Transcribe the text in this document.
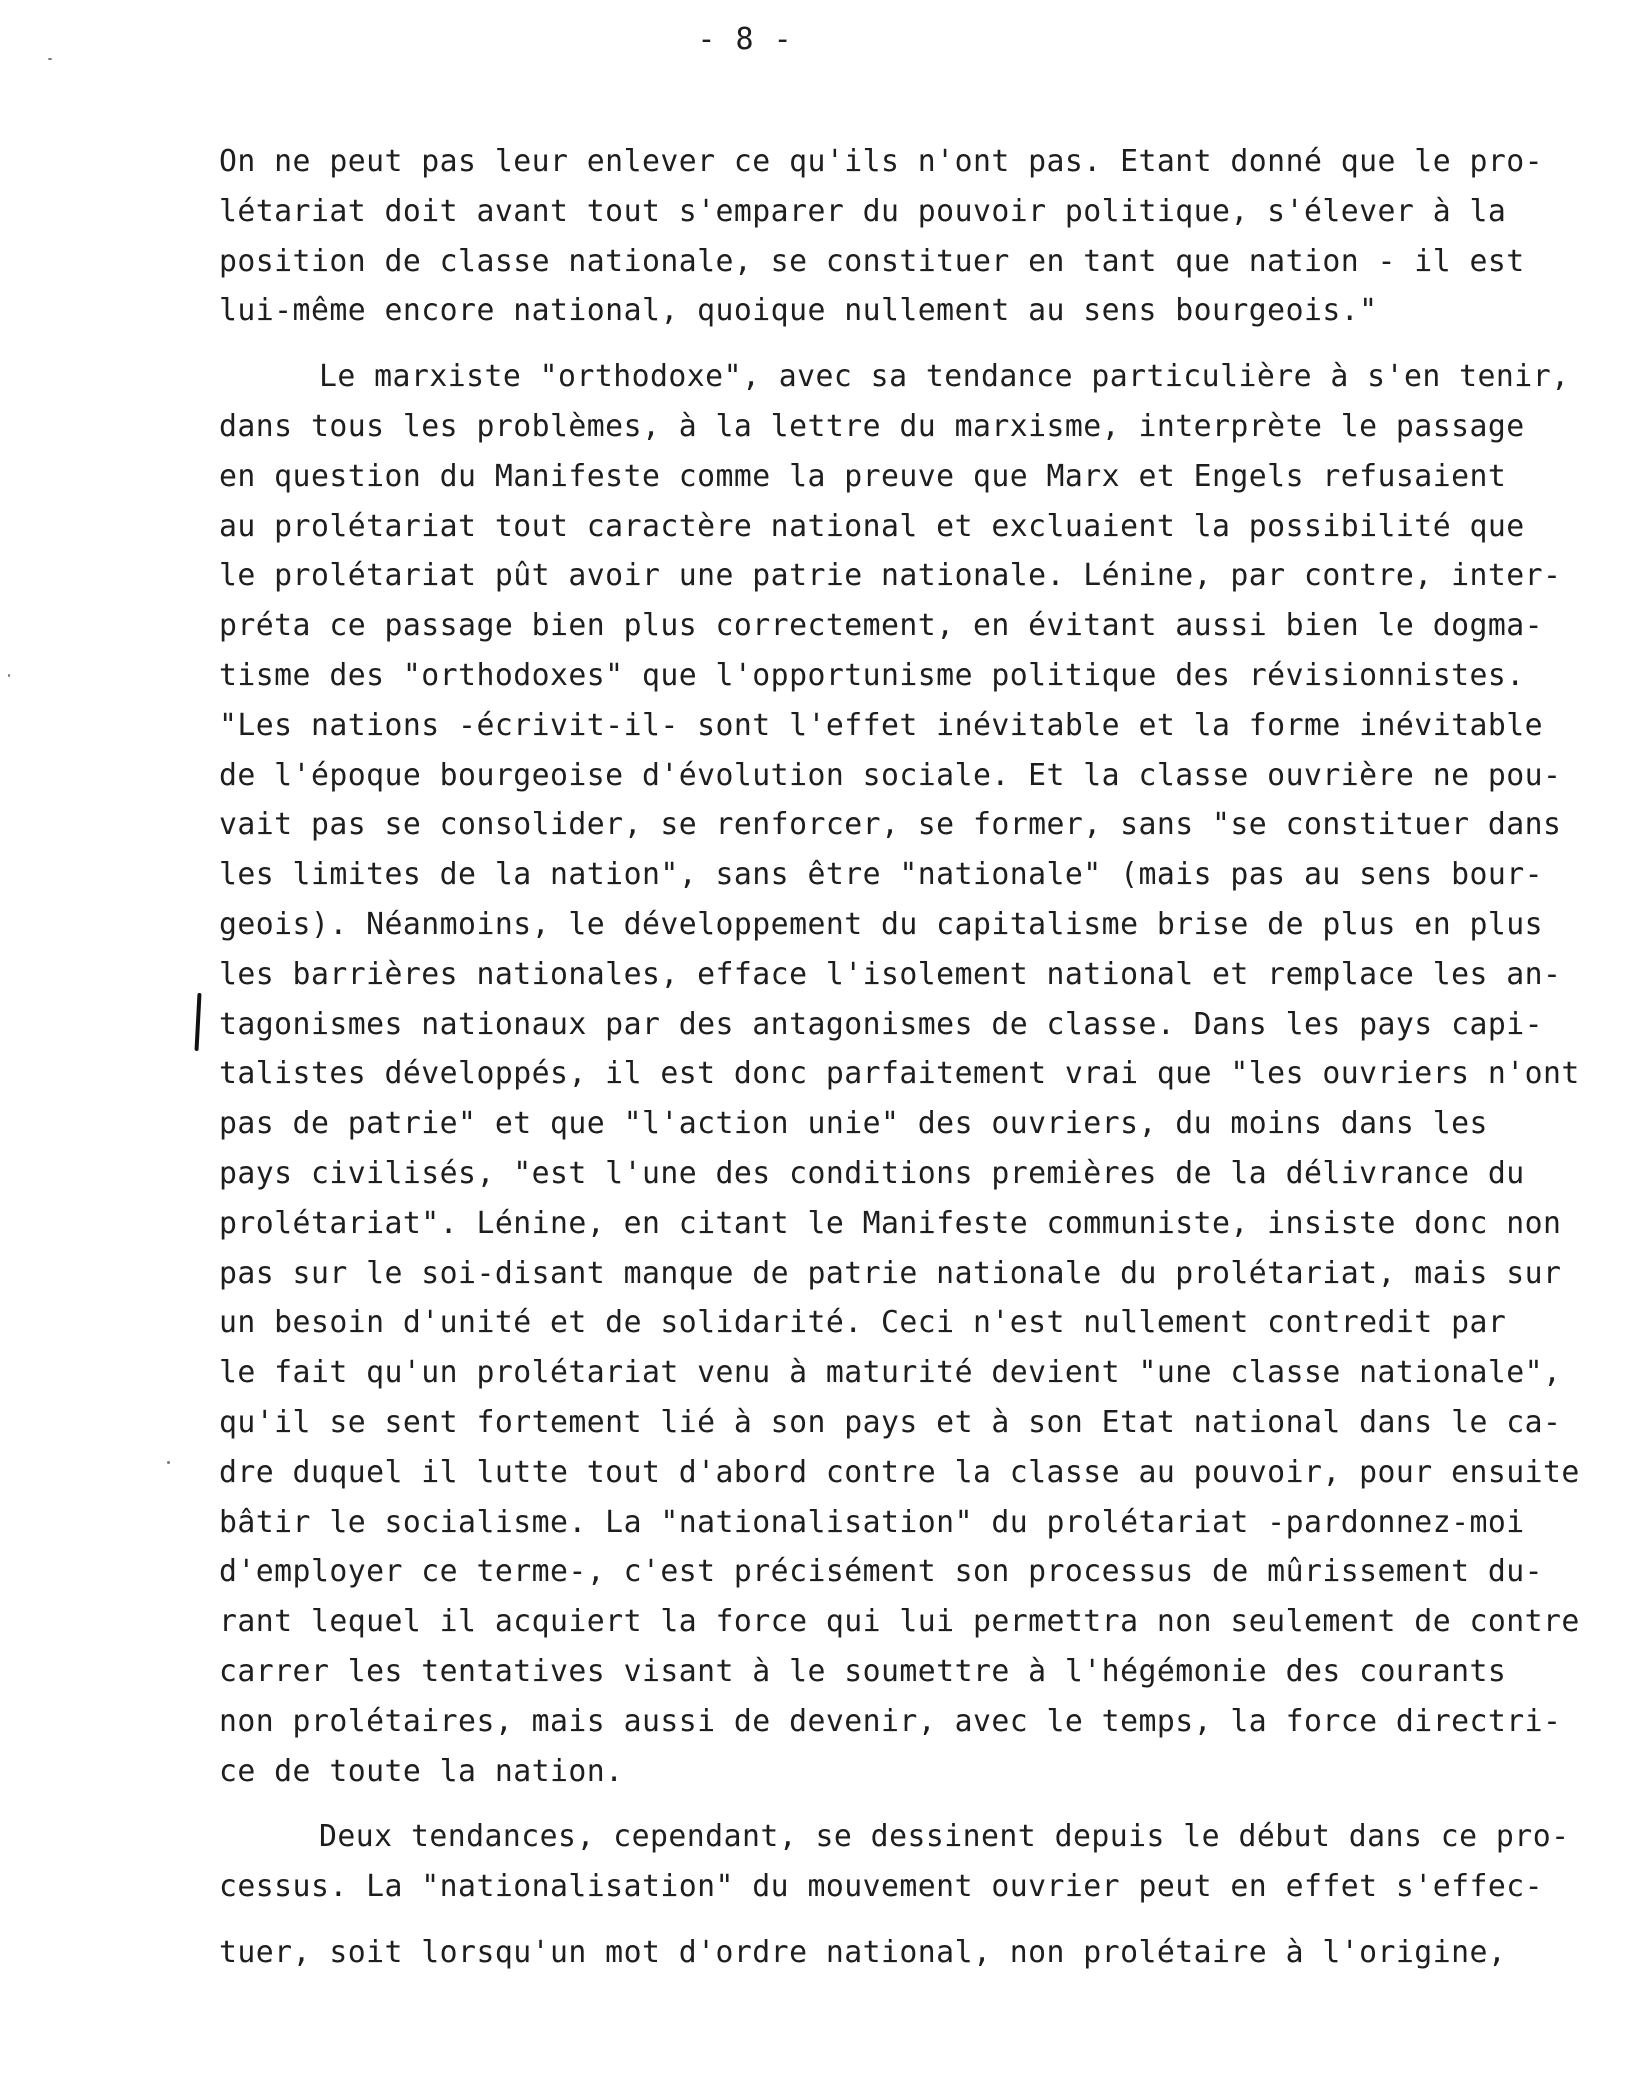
- 8 -
On ne peut pas leur enlever ce qu'ils n'ont pas. Etant donné que le pro-
létariat doit avant tout s'emparer du pouvoir politique, s'élever à la
position de classe nationale, se constituer en tant que nation - il est
lui-même encore national, quoique nullement au sens bourgeois."
Le marxiste "orthodoxe", avec sa tendance particulière à s'en tenir,
dans tous les problèmes, à la lettre du marxisme, interprète le passage
en question du Manifeste comme la preuve que Marx et Engels refusaient
au prolétariat tout caractère national et excluaient la possibilité que
le prolétariat pût avoir une patrie nationale. Lénine, par contre, inter-
préta ce passage bien plus correctement, en évitant aussi bien le dogma-
tisme des "orthodoxes" que l'opportunisme politique des révisionnistes.
"Les nations -écrivit-il- sont l'effet inévitable et la forme inévitable
de l'époque bourgeoise d'évolution sociale. Et la classe ouvrière ne pou-
vait pas se consolider, se renforcer, se former, sans "se constituer dans
les limites de la nation", sans être "nationale" (mais pas au sens bour-
geois). Néanmoins, le développement du capitalisme brise de plus en plus
les barrières nationales, efface l'isolement national et remplace les an-
tagonismes nationaux par des antagonismes de classe. Dans les pays capi-
talistes développés, il est donc parfaitement vrai que "les ouvriers n'ont
pas de patrie" et que "l'action unie" des ouvriers, du moins dans les
pays civilisés, "est l'une des conditions premières de la délivrance du
prolétariat". Lénine, en citant le Manifeste communiste, insiste donc non
pas sur le soi-disant manque de patrie nationale du prolétariat, mais sur
un besoin d'unité et de solidarité. Ceci n'est nullement contredit par
le fait qu'un prolétariat venu à maturité devient "une classe nationale",
qu'il se sent fortement lié à son pays et à son Etat national dans le ca-
dre duquel il lutte tout d'abord contre la classe au pouvoir, pour ensuite
bâtir le socialisme. La "nationalisation" du prolétariat -pardonnez-moi
d'employer ce terme-, c'est précisément son processus de mûrissement du-
rant lequel il acquiert la force qui lui permettra non seulement de contre
carrer les tentatives visant à le soumettre à l'hégémonie des courants
non prolétaires, mais aussi de devenir, avec le temps, la force directri-
ce de toute la nation.
Deux tendances, cependant, se dessinent depuis le début dans ce pro-
cessus. La "nationalisation" du mouvement ouvrier peut en effet s'effec-
tuer, soit lorsqu'un mot d'ordre national, non prolétaire à l'origine,
